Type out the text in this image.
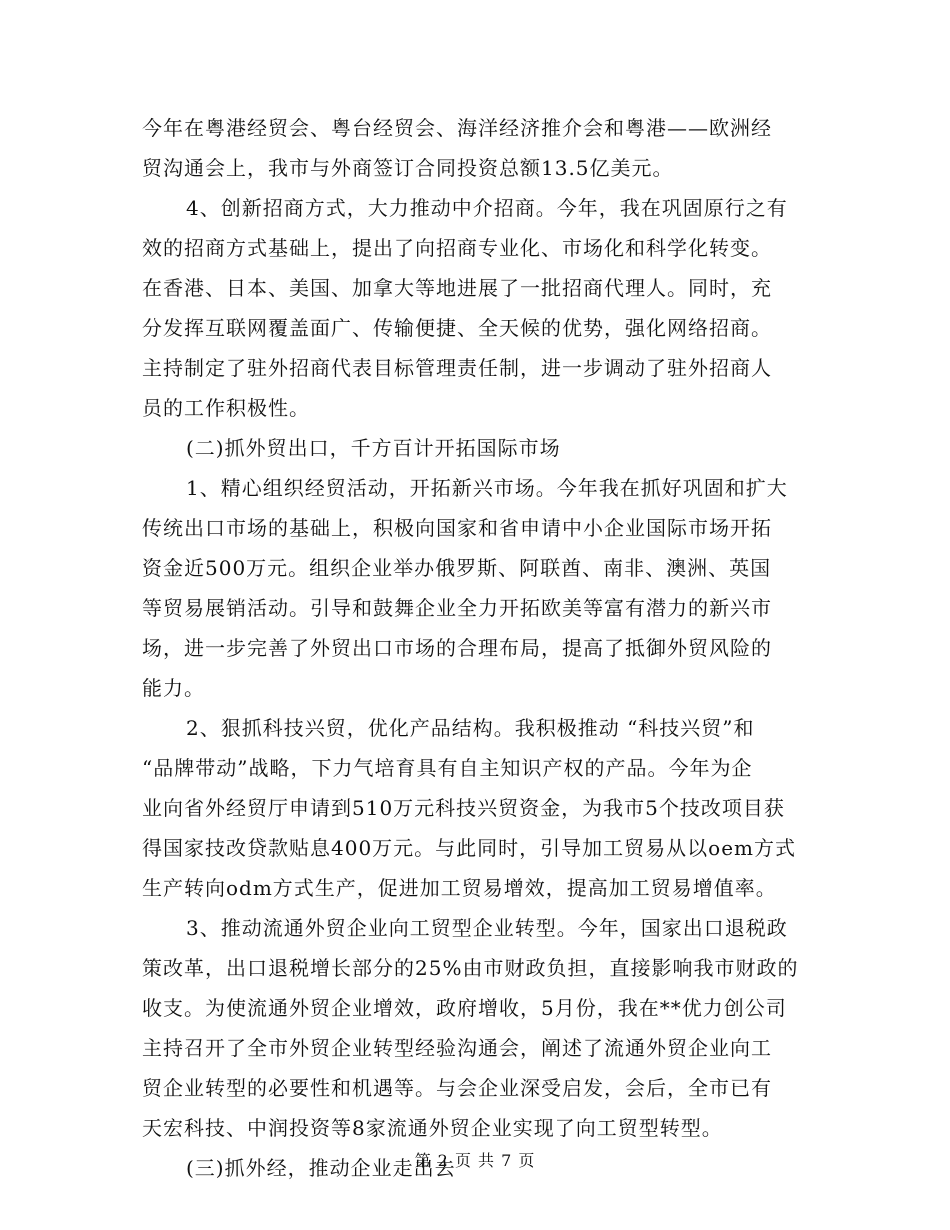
今年在粤港经贸会、粤台经贸会、海洋经济推介会和粤港——欧洲经
贸沟通会上，我市与外商签订合同投资总额13.5亿美元。
4、创新招商方式，大力推动中介招商。今年，我在巩固原行之有
效的招商方式基础上，提出了向招商专业化、市场化和科学化转变。
在香港、日本、美国、加拿大等地进展了一批招商代理人。同时，充
分发挥互联网覆盖面广、传输便捷、全天候的优势，强化网络招商。
主持制定了驻外招商代表目标管理责任制，进一步调动了驻外招商人
员的工作积极性。
(二)抓外贸出口，千方百计开拓国际市场
1、精心组织经贸活动，开拓新兴市场。今年我在抓好巩固和扩大
传统出口市场的基础上，积极向国家和省申请中小企业国际市场开拓
资金近500万元。组织企业举办俄罗斯、阿联酋、南非、澳洲、英国
等贸易展销活动。引导和鼓舞企业全力开拓欧美等富有潜力的新兴市
场，进一步完善了外贸出口市场的合理布局，提高了抵御外贸风险的
能力。
2、狠抓科技兴贸，优化产品结构。我积极推动 “科技兴贸”和
“品牌带动”战略，下力气培育具有自主知识产权的产品。今年为企
业向省外经贸厅申请到510万元科技兴贸资金，为我市5个技改项目获
得国家技改贷款贴息400万元。与此同时，引导加工贸易从以oem方式
生产转向odm方式生产，促进加工贸易增效，提高加工贸易增值率。
3、推动流通外贸企业向工贸型企业转型。今年，国家出口退税政
策改革，出口退税增长部分的25%由市财政负担，直接影响我市财政的
收支。为使流通外贸企业增效，政府增收，5月份，我在**优力创公司
主持召开了全市外贸企业转型经验沟通会，阐述了流通外贸企业向工
贸企业转型的必要性和机遇等。与会企业深受启发，会后，全市已有
天宏科技、中润投资等8家流通外贸企业实现了向工贸型转型。
(三)抓外经，推动企业走出去
第 2 页 共 7 页
